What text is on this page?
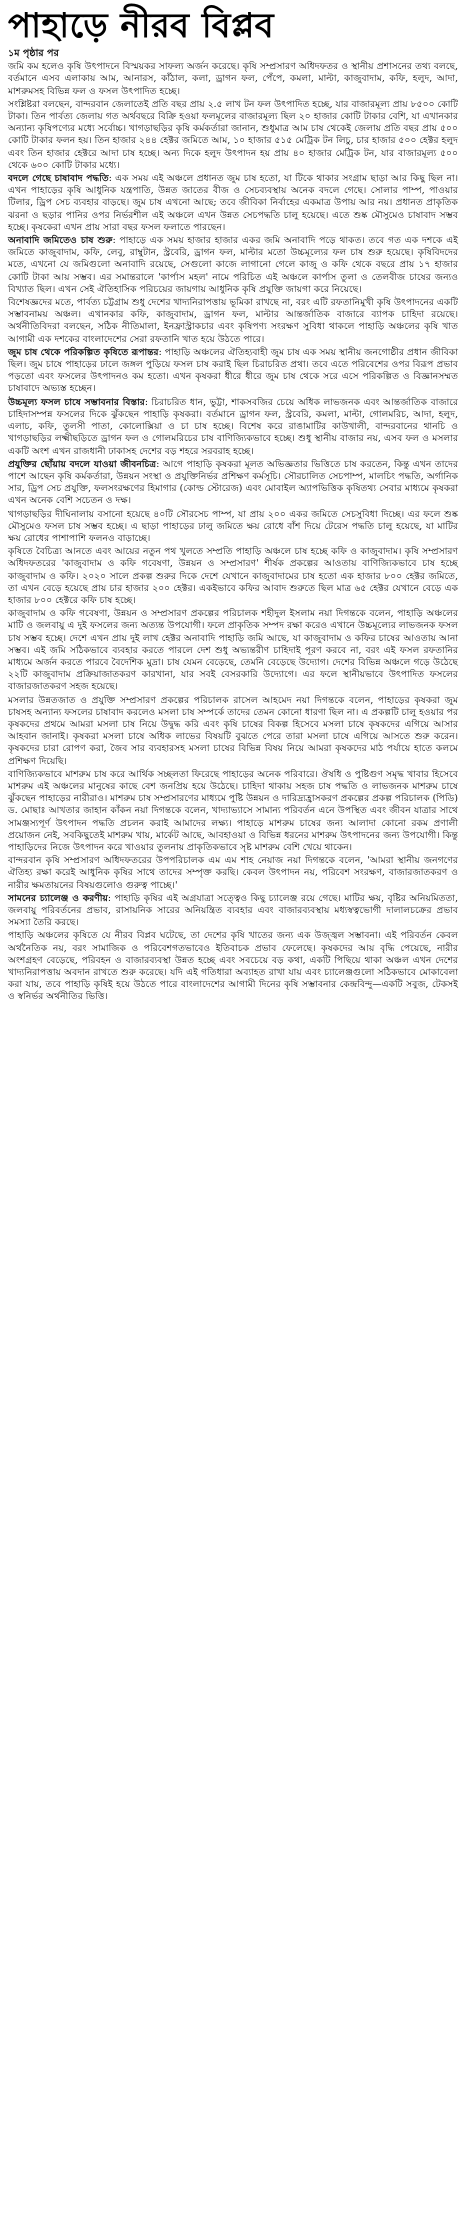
পাহাড়ে নীরব বিপ্লব

১ম পৃষ্ঠার পর

জমি কম হলেও কৃষি উৎপাদনে বিস্ময়কর সাফল্য অর্জন করেছে। কৃষি সম্প্রসারণ অধিদফতর ও স্থানীয় প্রশাসনের তথ্য বলছে, বর্তমানে এসব এলাকায় আম, আনারস, কাঁঠাল, কলা, ড্রাগন ফল, পেঁপে, কমলা, মাল্টা, কাজুবাদাম, কফি, হলুদ, আদা, মাশরুমসহ বিভিন্ন ফল ও ফসল উৎপাদিত হচ্ছে।

সংশ্লিষ্টরা বলছেন, বান্দরবান জেলাতেই প্রতি বছর প্রায় ২.৫ লাখ টন ফল উৎপাদিত হচ্ছে, যার বাজারমূল্য প্রায় ৮৫০০ কোটি টাকা। তিন পার্বত্য জেলায় গত অর্থবছরে বিক্রি হওয়া ফলমূলের বাজারমূল্য ছিল ২০ হাজার কোটি টাকার বেশি, যা এখানকার অন্যান্য কৃষিপণ্যের মধ্যে সর্বোচ্চ। খাগড়াছড়ির কৃষি কর্মকর্তারা জানান, শুধুমাত্র আম চাষ থেকেই জেলায় প্রতি বছর প্রায় ৫০০ কোটি টাকার ফলন হয়। তিন হাজার ২৪৪ হেক্টর জমিতে আম, ১০ হাজার ৫১৫ মেট্রিক টন লিচু, চার হাজার ৫০০ হেক্টর হলুদ এবং তিন হাজার হেক্টরে আদা চাষ হচ্ছে। অন্য দিকে হলুদ উৎপাদন হয় প্রায় ৪০ হাজার মেট্রিক টন, যার বাজারমূল্য ৫০০ থেকে ৬০০ কোটি টাকার মধ্যে।

বদলে গেছে চাষাবাদ পদ্ধতি: এক সময় এই অঞ্চলে প্রধানত জুম চাষ হতো, যা টিকে থাকার সংগ্রাম ছাড়া আর কিছু ছিল না। এখন পাহাড়ের কৃষি আধুনিক যন্ত্রপাতি, উন্নত জাতের বীজ ও সেচব্যবস্থায় অনেক বদলে গেছে। সোলার পাম্প, পাওয়ার টিলার, ড্রিপ সেচ ব্যবহার বাড়ছে। জুম চাষ এখনো আছে; তবে জীবিকা নির্বাহের একমাত্র উপায় আর নয়। প্রধানত প্রাকৃতিক ঝরনা ও ছড়ার পানির ওপর নির্ভরশীল এই অঞ্চলে এখন উন্নত সেচপদ্ধতি চালু হয়েছে। এতে শুষ্ক মৌসুমেও চাষাবাদ সম্ভব হচ্ছে। কৃষকেরা এখন প্রায় সারা বছর ফসল ফলাতে পারছেন।

অনাবাদি জমিতেও চাষ শুরু: পাহাড়ে এক সময় হাজার হাজার একর জমি অনাবাদি পড়ে থাকত। তবে গত এক দশকে এই জমিতে কাজুবাদাম, কফি, লেবু, রাম্বুটান, স্ট্রবেরি, ড্রাগন ফল, মাল্টার মতো উচ্চমূল্যের ফল চাষ শুরু হয়েছে। কৃষিবিদদের মতে, এখনো যে জমিগুলো অনাবাদি রয়েছে, সেগুলো কাজে লাগানো গেলে কাজু ও কফি থেকে বছরে প্রায় ১৭ হাজার কোটি টাকা আয় সম্ভব। এর সমান্তরালে 'কার্পাস মহল' নামে পরিচিত এই অঞ্চলে কার্পাস তুলা ও তেলবীজ চাষের জন্যও বিখ্যাত ছিল। এখন সেই ঐতিহাসিক পরিচয়ের জায়গায় আধুনিক কৃষি প্রযুক্তি জায়গা করে নিয়েছে।

বিশেষজ্ঞদের মতে, পার্বত্য চট্টগ্রাম শুধু দেশের খাদ্যনিরাপত্তায় ভূমিকা রাখছে না, বরং এটি রফতানিমুখী কৃষি উৎপাদনের একটি সম্ভাবনাময় অঞ্চল। এখানকার কফি, কাজুবাদাম, ড্রাগন ফল, মাল্টার আন্তর্জাতিক বাজারে ব্যাপক চাহিদা রয়েছে। অর্থনীতিবিদরা বলছেন, সঠিক নীতিমালা, ইনফ্রাস্ট্রাকচার এবং কৃষিপণ্য সংরক্ষণ সুবিধা থাকলে পাহাড়ি অঞ্চলের কৃষি খাত আগামী এক দশকের বাংলাদেশের সেরা রফতানি খাত হয়ে উঠতে পারে।

জুম চাষ থেকে পরিকল্পিত কৃষিতে রূপান্তর: পাহাড়ি অঞ্চলের ঐতিহ্যবাহী জুম চাষ এক সময় স্থানীয় জনগোষ্ঠীর প্রধান জীবিকা ছিল। জুম চাষে পাহাড়ের ঢালে জঙ্গল পুড়িয়ে ফসল চাষ করাই ছিল চিরাচরিত প্রথা। তবে এতে পরিবেশের ওপর বিরূপ প্রভাব পড়তো এবং ফসলের উৎপাদনও কম হতো। এখন কৃষকরা ধীরে ধীরে জুম চাষ থেকে সরে এসে পরিকল্পিত ও বিজ্ঞানসম্মত চাষাবাদে অভ্যস্ত হচ্ছেন।

উচ্চমূল্য ফসল চাষে সম্ভাবনার বিস্তার: চিরাচরিত ধান, ভুট্টা, শাকসবজির চেয়ে অধিক লাভজনক এবং আন্তর্জাতিক বাজারে চাহিদাসম্পন্ন ফসলের দিকে ঝুঁকছেন পাহাড়ি কৃষকরা। বর্তমানে ড্রাগন ফল, স্ট্রবেরি, কমলা, মাল্টা, গোলমরিচ, আদা, হলুদ, এলাচ, কফি, তুলসী পাতা, কোলোক্সিয়া ও চা চাষ হচ্ছে। বিশেষ করে রাঙামাটির কাউখালী, বান্দরবানের থানচি ও খাগড়াছড়ির লক্ষ্মীছড়িতে ড্রাগন ফল ও গোলমরিচের চাষ বাণিজ্যিকভাবে হচ্ছে। শুধু স্থানীয় বাজার নয়, এসব ফল ও মসলার একটি অংশ এখন রাজধানী ঢাকাসহ দেশের বড় শহরে সরবরাহ হচ্ছে।

প্রযুক্তির ছোঁয়ায় বদলে যাওয়া জীবনচিত্র: আগে পাহাড়ি কৃষকরা মূলত অভিজ্ঞতার ভিত্তিতে চাষ করতেন, কিন্তু এখন তাদের পাশে আছেন কৃষি কর্মকর্তারা, উন্নয়ন সংস্থা ও প্রযুক্তিনির্ভর প্রশিক্ষণ কর্মসূচি। সৌরচালিত সেচপাম্প, মালচিং পদ্ধতি, অর্গানিক সার, ড্রিপ সেচ প্রযুক্তি, ফলসংরক্ষণের হিমাগার (কোল্ড স্টোরেজ) এবং মোবাইল অ্যাপভিত্তিক কৃষিতথ্য সেবার মাধ্যমে কৃষকরা এখন অনেক বেশি সচেতন ও দক্ষ।

খাগড়াছড়ির দীঘিনালায় বসানো হয়েছে ৪০টি সৌরসেচ পাম্প, যা প্রায় ২০০ একর জমিতে সেচসুবিধা দিচ্ছে। এর ফলে শুষ্ক মৌসুমেও ফসল চাষ সম্ভব হচ্ছে। এ ছাড়া পাহাড়ের ঢালু জমিতে ক্ষয় রোধে বাঁশ দিয়ে টেরেস পদ্ধতি চালু হয়েছে, যা মাটির ক্ষয় রোধের পাশাপাশি ফলনও বাড়াচ্ছে।

কৃষিতে বৈচিত্র্য আনতে এবং আয়ের নতুন পথ খুলতে সম্প্রতি পাহাড়ি অঞ্চলে চাষ হচ্ছে কফি ও কাজুবাদাম। কৃষি সম্প্রসারণ অধিদফতরের 'কাজুবাদাম ও কফি গবেষণা, উন্নয়ন ও সম্প্রসারণ' শীর্ষক প্রকল্পের আওতায় বাণিজ্যিকভাবে চাষ হচ্ছে কাজুবাদাম ও কফি। ২০২০ সালে প্রকল্প শুরুর দিকে দেশে যেখানে কাজুবাদামের চাষ হতো এক হাজার ৮০০ হেক্টর জমিতে, তা এখন বেড়ে হয়েছে প্রায় চার হাজার ২০০ হেক্টর। একইভাবে কফির আবাদ শুরুতে ছিল মাত্র ৬৫ হেক্টর যেখানে বেড়ে এক হাজার ৮০০ হেক্টরে কফি চাষ হচ্ছে।

কাজুবাদাম ও কফি গবেষণা, উন্নয়ন ও সম্প্রসারণ প্রকল্পের পরিচালক শহীদুল ইসলাম নয়া দিগন্তকে বলেন, পাহাড়ি অঞ্চলের মাটি ও জলবায়ু এ দুই ফসলের জন্য অত্যন্ত উপযোগী। ফলে প্রাকৃতিক সম্পদ রক্ষা করেও এখানে উচ্চমূল্যের লাভজনক ফসল চাষ সম্ভব হচ্ছে। দেশে এখন প্রায় দুই লাখ হেক্টর অনাবাদি পাহাড়ি জমি আছে, যা কাজুবাদাম ও কফির চাষের আওতায় আনা সম্ভব। এই জমি সঠিকভাবে ব্যবহার করতে পারলে দেশ শুধু অভ্যন্তরীণ চাহিদাই পূরণ করবে না, বরং এই ফসল রফতানির মাধ্যমে অর্জন করতে পারবে বৈদেশিক মুদ্রা। চাষ যেমন বেড়েছে, তেমনি বেড়েছে উদ্যোগ। দেশের বিভিন্ন অঞ্চলে গড়ে উঠেছে ২২টি কাজুবাদাম প্রক্রিয়াজাতকরণ কারখানা, যার সবই বেসরকারি উদ্যোগে। এর ফলে স্থানীয়ভাবে উৎপাদিত ফসলের বাজারজাতকরণ সহজ হয়েছে।

মসলার উন্নতজাত ও প্রযুক্তি সম্প্রসারণ প্রকল্পের পরিচালক রাসেল আহমেদ নয়া দিগন্তকে বলেন, পাহাড়ের কৃষকরা জুম চাষসহ অন্যান্য ফসলের চাষাবাদ করলেও মসলা চাষ সম্পর্কে তাদের তেমন কোনো ধারণা ছিল না। এ প্রকল্পটি চালু হওয়ার পর কৃষকদের প্রথমে আমরা মসলা চাষ নিয়ে উদ্বুদ্ধ করি এবং কৃষি চাষের বিকল্প হিসেবে মসলা চাষে কৃষকদের এগিয়ে আসার আহবান জানাই। কৃষকরা মসলা চাষে অধিক লাভের বিষয়টি বুঝতে পেরে তারা মসলা চাষে এগিয়ে আসতে শুরু করেন। কৃষকদের চারা রোপণ করা, জৈব সার ব্যবহারসহ মসলা চাষের বিভিন্ন বিষয় নিয়ে আমরা কৃষকদের মাঠ পর্যায়ে হাতে কলমে প্রশিক্ষণ দিয়েছি।

বাণিজ্যিকভাবে মাশরুম চাষ করে আর্থিক সচ্ছলতা ফিরেছে পাহাড়ের অনেক পরিবারে। ঔষধি ও পুষ্টিগুণ সমৃদ্ধ খাবার হিসেবে মাশরুম এই অঞ্চলের মানুষের কাছে বেশ জনপ্রিয় হয়ে উঠেছে। চাহিদা থাকায় সহজ চাষ পদ্ধতি ও লাভজনক মাশরুম চাষে ঝুঁকছেন পাহাড়ের নারীরাও। মাশরুম চাষ সম্প্রসারণের মাধ্যমে পুষ্টি উন্নয়ন ও দারিদ্র্যহ্রাসকরণ প্রকল্পের প্রকল্প পরিচালক (পিডি) ড. মোছাঃ আখতার জাহান কাঁকন নয়া দিগন্তকে বলেন, খাদ্যাভ্যাসে সামান্য পরিবর্তন এনে উপস্থিত এবং জীবন যাত্রার সাথে সামঞ্জস্যপূর্ণ উৎপাদন পদ্ধতি প্রচলন করাই আমাদের লক্ষ্য। পাহাড়ে মাশরুম চাষের জন্য আলাদা কোনো রকম প্রণালী প্রয়োজন নেই, সবকিছুতেই মাশরুম খায়, মার্কেট আছে, আবহাওয়া ও বিভিন্ন ধরনের মাশরুম উৎপাদনের জন্য উপযোগী। কিন্তু পাহাড়িদের নিজে উৎপাদন করে খাওয়ার তুলনায় প্রাকৃতিকভাবে সৃষ্ট মাশরুম বেশি খেয়ে থাকেন।

বান্দরবান কৃষি সম্প্রসারণ অধিদফতরের উপপরিচালক এম এম শাহ নেয়াজ নয়া দিগন্তকে বলেন, 'আমরা স্থানীয় জনগণের ঐতিহ্য রক্ষা করেই আধুনিক কৃষির সাথে তাদের সম্পৃক্ত করছি। কেবল উৎপাদন নয়, পরিবেশ সংরক্ষণ, বাজারজাতকরণ ও নারীর ক্ষমতায়নের বিষয়গুলোও গুরুত্ব পাচ্ছে।'

সামনের চ্যালেঞ্জ ও করণীয়: পাহাড়ি কৃষির এই অগ্রযাত্রা সত্ত্বেও কিছু চ্যালেঞ্জ রয়ে গেছে। মাটির ক্ষয়, বৃষ্টির অনিয়মিততা, জলবায়ু পরিবর্তনের প্রভাব, রাসায়নিক সারের অনিয়ন্ত্রিত ব্যবহার এবং বাজারব্যবস্থায় মধ্যস্বত্বভোগী দালালচক্রের প্রভাব সমস্যা তৈরি করছে।

পাহাড়ি অঞ্চলের কৃষিতে যে নীরব বিপ্লব ঘটেছে, তা দেশের কৃষি খাতের জন্য এক উজ্জ্বল সম্ভাবনা। এই পরিবর্তন কেবল অর্থনৈতিক নয়, বরং সামাজিক ও পরিবেশগতভাবেও ইতিবাচক প্রভাব ফেলেছে। কৃষকদের আয় বৃদ্ধি পেয়েছে, নারীর অংশগ্রহণ বেড়েছে, পরিবহন ও বাজারব্যবস্থা উন্নত হচ্ছে এবং সবচেয়ে বড় কথা, একটি পিছিয়ে থাকা অঞ্চল এখন দেশের খাদ্যনিরাপত্তায় অবদান রাখতে শুরু করেছে। যদি এই গতিধারা অব্যাহত রাখা যায় এবং চ্যালেঞ্জগুলো সঠিকভাবে মোকাবেলা করা যায়, তবে পাহাড়ি কৃষিই হয়ে উঠতে পারে বাংলাদেশের আগামী দিনের কৃষি সম্ভাবনার কেন্দ্রবিন্দু—একটি সবুজ, টেকসই ও স্বনির্ভর অর্থনীতির ভিত্তি।
